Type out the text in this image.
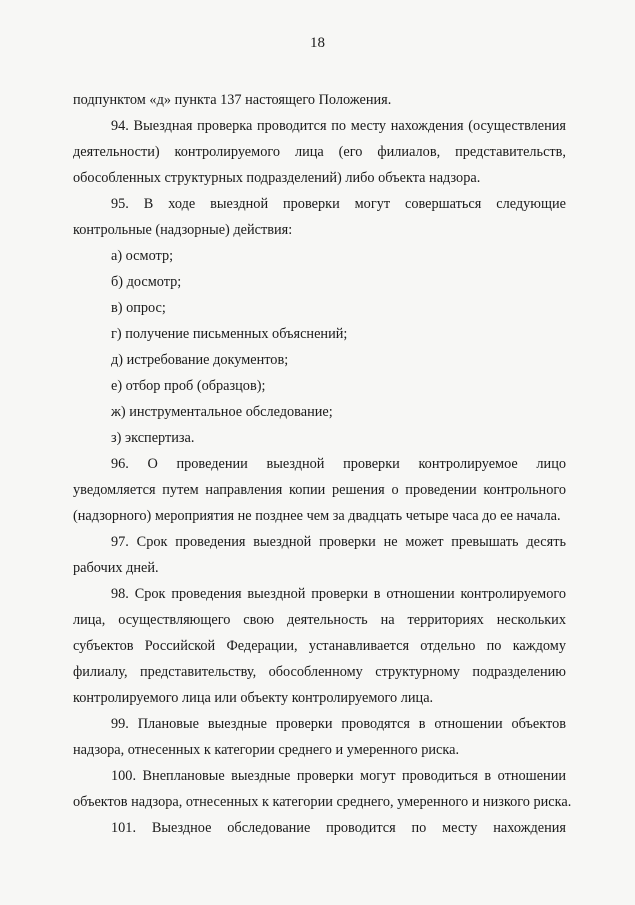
18
подпунктом «д» пункта 137 настоящего Положения.
94. Выездная проверка проводится по месту нахождения (осуществления
деятельности) контролируемого лица (его филиалов, представительств,
обособленных структурных подразделений) либо объекта надзора.
95. В ходе выездной проверки могут совершаться следующие
контрольные (надзорные) действия:
а) осмотр;
б) досмотр;
в) опрос;
г) получение письменных объяснений;
д) истребование документов;
е) отбор проб (образцов);
ж) инструментальное обследование;
з) экспертиза.
96. О проведении выездной проверки контролируемое лицо
уведомляется путем направления копии решения о проведении контрольного
(надзорного) мероприятия не позднее чем за двадцать четыре часа до ее начала.
97. Срок проведения выездной проверки не может превышать десять
рабочих дней.
98. Срок проведения выездной проверки в отношении контролируемого
лица, осуществляющего свою деятельность на территориях нескольких
субъектов Российской Федерации, устанавливается отдельно по каждому
филиалу, представительству, обособленному структурному подразделению
контролируемого лица или объекту контролируемого лица.
99. Плановые выездные проверки проводятся в отношении объектов
надзора, отнесенных к категории среднего и умеренного риска.
100. Внеплановые выездные проверки могут проводиться в отношении
объектов надзора, отнесенных к категории среднего, умеренного и низкого риска.
101. Выездное обследование проводится по месту нахождения
